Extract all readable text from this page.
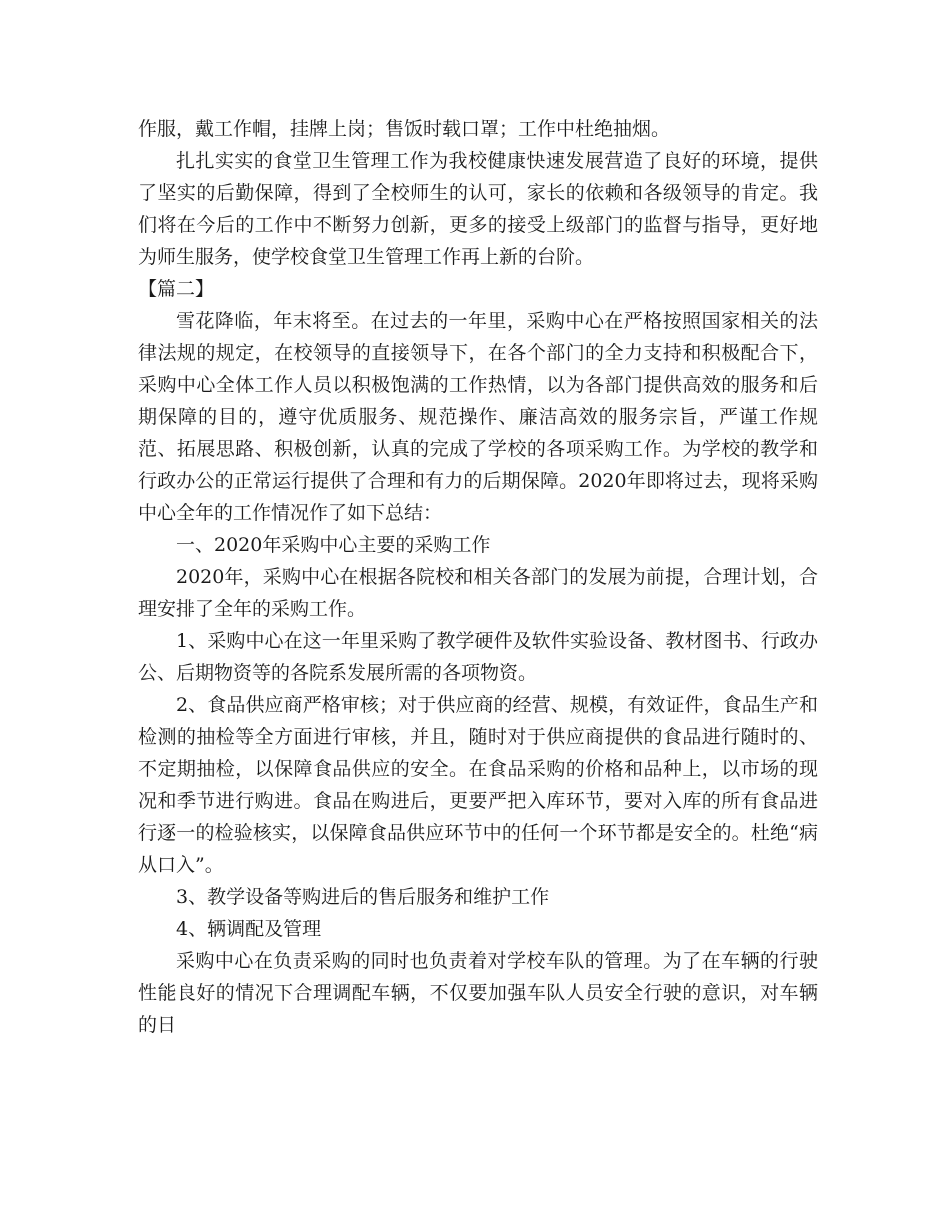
作服，戴工作帽，挂牌上岗；售饭时载口罩；工作中杜绝抽烟。

扎扎实实的食堂卫生管理工作为我校健康快速发展营造了良好的环境，提供了坚实的后勤保障，得到了全校师生的认可，家长的依赖和各级领导的肯定。我们将在今后的工作中不断努力创新，更多的接受上级部门的监督与指导，更好地为师生服务，使学校食堂卫生管理工作再上新的台阶。

【篇二】

雪花降临，年末将至。在过去的一年里，采购中心在严格按照国家相关的法律法规的规定，在校领导的直接领导下，在各个部门的全力支持和积极配合下，采购中心全体工作人员以积极饱满的工作热情，以为各部门提供高效的服务和后期保障的目的，遵守优质服务、规范操作、廉洁高效的服务宗旨，严谨工作规范、拓展思路、积极创新，认真的完成了学校的各项采购工作。为学校的教学和行政办公的正常运行提供了合理和有力的后期保障。2020年即将过去，现将采购中心全年的工作情况作了如下总结：

一、2020年采购中心主要的采购工作

2020年，采购中心在根据各院校和相关各部门的发展为前提，合理计划，合理安排了全年的采购工作。

1、采购中心在这一年里采购了教学硬件及软件实验设备、教材图书、行政办公、后期物资等的各院系发展所需的各项物资。

2、食品供应商严格审核；对于供应商的经营、规模，有效证件，食品生产和检测的抽检等全方面进行审核，并且，随时对于供应商提供的食品进行随时的、不定期抽检，以保障食品供应的安全。在食品采购的价格和品种上，以市场的现况和季节进行购进。食品在购进后，更要严把入库环节，要对入库的所有食品进行逐一的检验核实，以保障食品供应环节中的任何一个环节都是安全的。杜绝“病从口入”。

3、教学设备等购进后的售后服务和维护工作

4、辆调配及管理

采购中心在负责采购的同时也负责着对学校车队的管理。为了在车辆的行驶性能良好的情况下合理调配车辆，不仅要加强车队人员安全行驶的意识，对车辆的日
